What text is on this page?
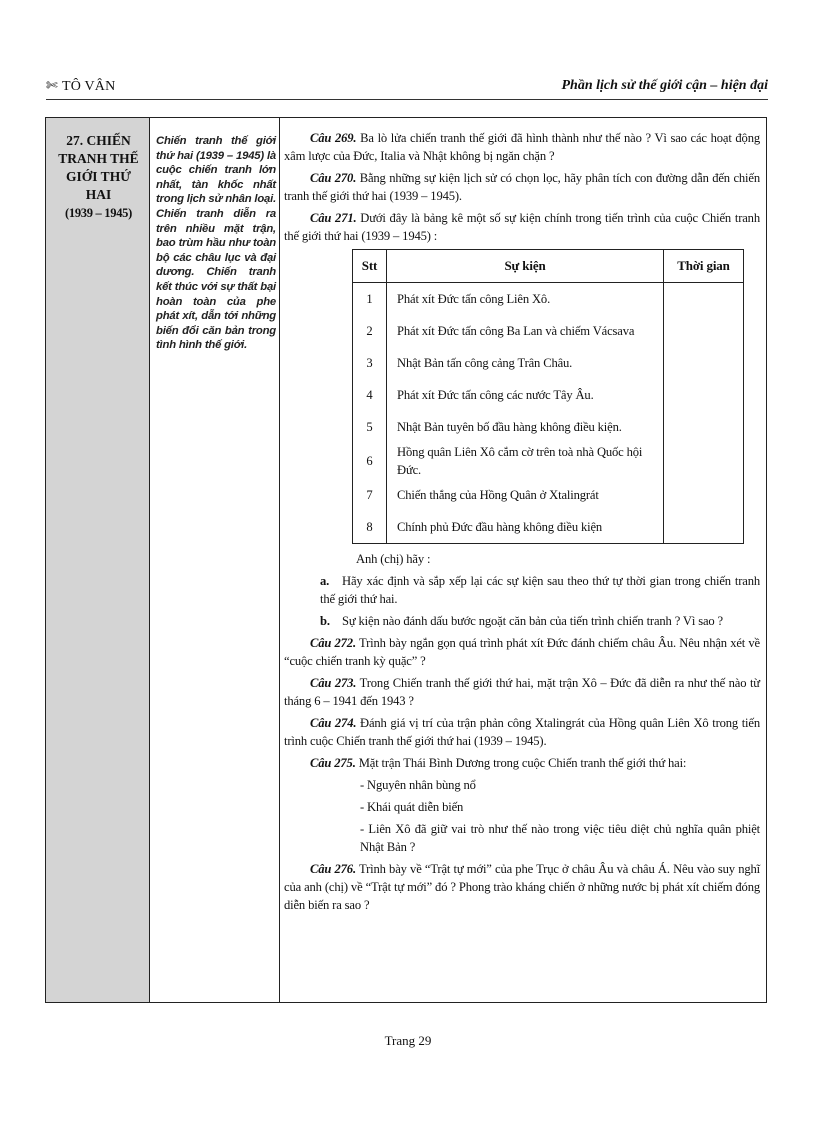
✄ TÔ VÂN	Phần lịch sử thế giới cận – hiện đại
27. CHIẾN TRANH THẾ GIỚI THỨ HAI

(1939 – 1945)
Chiến tranh thế giới thứ hai (1939 – 1945) là cuộc chiến tranh lớn nhất, tàn khốc nhất trong lịch sử nhân loại. Chiến tranh diễn ra trên nhiều mặt trận, bao trùm hầu như toàn bộ các châu lục và đại dương. Chiến tranh kết thúc với sự thất bại hoàn toàn của phe phát xít, dẫn tới những biến đổi căn bản trong tình hình thế giới.

Câu 269. Ba lò lửa chiến tranh thế giới đã hình thành như thế nào ? Vì sao các hoạt động xâm lược của Đức, Italia và Nhật không bị ngăn chặn ?

Câu 270. Bằng những sự kiện lịch sử có chọn lọc, hãy phân tích con đường dẫn đến chiến tranh thế giới thứ hai (1939 – 1945).

Câu 271. Dưới đây là bảng kê một số sự kiện chính trong tiến trình của cuộc Chiến tranh thế giới thứ hai (1939 – 1945) :

Stt	Sự kiện	Thời gian
1	Phát xít Đức tấn công Liên Xô.	
2	Phát xít Đức tấn công Ba Lan và chiếm Vácsava	
3	Nhật Bản tấn công cảng Trân Châu.	
4	Phát xít Đức tấn công các nước Tây Âu.	
5	Nhật Bản tuyên bố đầu hàng không điều kiện.	
6	Hồng quân Liên Xô cắm cờ trên toà nhà Quốc hội Đức.	
7	Chiến thắng của Hồng Quân ở Xtalingrát	
8	Chính phủ Đức đầu hàng không điều kiện	

Anh (chị) hãy :

a. Hãy xác định và sắp xếp lại các sự kiện sau theo thứ tự thời gian trong chiến tranh thế giới thứ hai.

b. Sự kiện nào đánh dấu bước ngoặt căn bản của tiến trình chiến tranh ? Vì sao ?

Câu 272. Trình bày ngắn gọn quá trình phát xít Đức đánh chiếm châu Âu. Nêu nhận xét về “cuộc chiến tranh kỳ quặc” ?

Câu 273. Trong Chiến tranh thế giới thứ hai, mặt trận Xô – Đức đã diễn ra như thế nào từ tháng 6 – 1941 đến 1943 ?

Câu 274. Đánh giá vị trí của trận phản công Xtalingrát của Hồng quân Liên Xô trong tiến trình cuộc Chiến tranh thế giới thứ hai (1939 – 1945).

Câu 275. Mặt trận Thái Bình Dương trong cuộc Chiến tranh thế giới thứ hai:

- Nguyên nhân bùng nổ

- Khái quát diễn biến

- Liên Xô đã giữ vai trò như thế nào trong việc tiêu diệt chủ nghĩa quân phiệt Nhật Bản ?

Câu 276. Trình bày về “Trật tự mới” của phe Trục ở châu Âu và châu Á. Nêu vào suy nghĩ của anh (chị) về “Trật tự mới” đó ? Phong trào kháng chiến ở những nước bị phát xít chiếm đóng diễn biến ra sao ?

Trang 29
